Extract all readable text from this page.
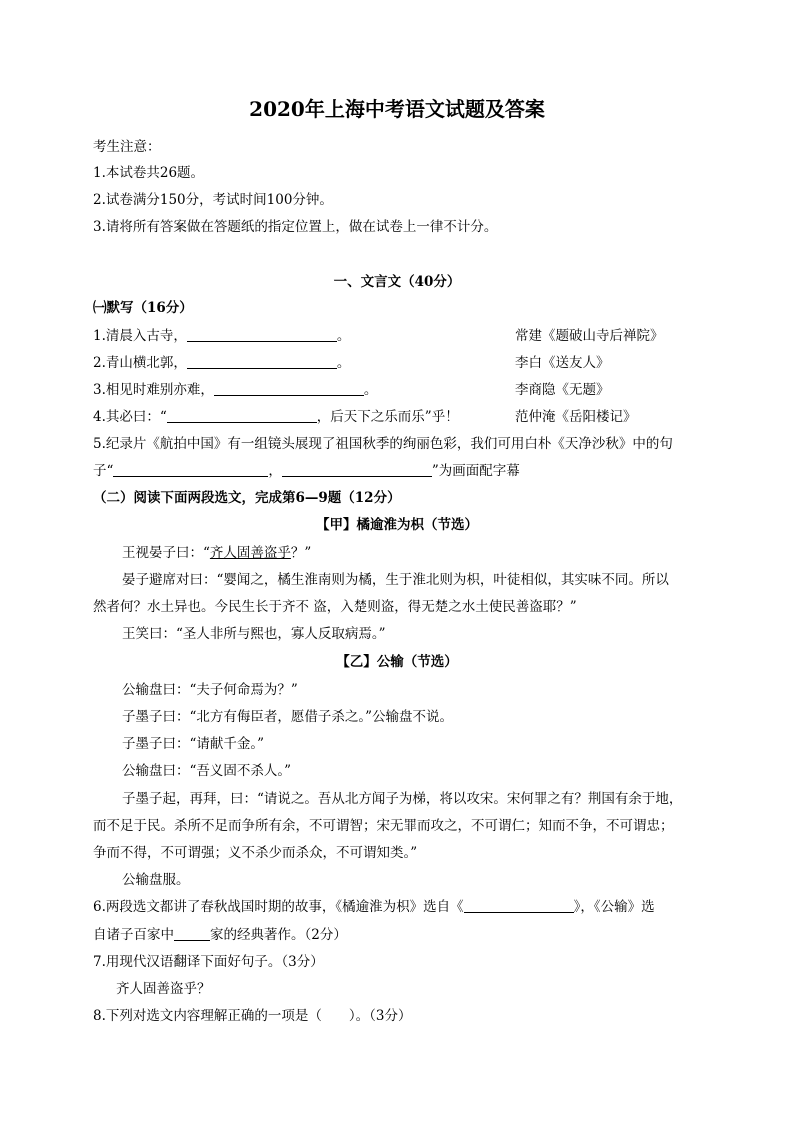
2020年上海中考语文试题及答案
考生注意：
1.本试卷共26题。
2.试卷满分150分，考试时间100分钟。
3.请将所有答案做在答题纸的指定位置上，做在试卷上一律不计分。
一、文言文（40分）
㈠默写（16分）
1.清晨入古寺，	。	常建《题破山寺后禅院》
2.青山横北郭，	。	李白《送友人》
3.相见时难别亦难，	。	李商隐《无题》
4.其必曰：“	，后天下之乐而乐”乎！	范仲淹《岳阳楼记》
5.纪录片《航拍中国》有一组镜头展现了祖国秋季的绚丽色彩，我们可用白朴《天净沙秋》中的句
子“	，	”为画面配字幕
（二）阅读下面两段选文，完成第6—9题（12分）
【甲】橘逾淮为枳（节选）
王视晏子曰：“齐人固善盗乎？”
晏子避席对曰：“婴闻之，橘生淮南则为橘，生于淮北则为枳，叶徒相似，其实味不同。所以
然者何？水土异也。今民生长于齐不 盗，入楚则盗，得无楚之水土使民善盗耶？”
王笑曰：“圣人非所与熙也，寡人反取病焉。”
【乙】公输（节选）
公输盘曰：“夫子何命焉为？”
子墨子曰：“北方有侮臣者，愿借子杀之。”公输盘不说。
子墨子曰：“请献千金。”
公输盘曰：“吾义固不杀人。”
子墨子起，再拜，曰：“请说之。吾从北方闻子为梯，将以攻宋。宋何罪之有？荆国有余于地，
而不足于民。杀所不足而争所有余，不可谓智；宋无罪而攻之，不可谓仁；知而不争，不可谓忠；
争而不得，不可谓强；义不杀少而杀众，不可谓知类。”
公输盘服。
6.两段选文都讲了春秋战国时期的故事，《橘逾淮为枳》选自《	》，《公输》选
自诸子百家中	家的经典著作。（2分）
7.用现代汉语翻译下面好句子。（3分）
齐人固善盗乎？
8.下列对选文内容理解正确的一项是（　　）。（3分）
